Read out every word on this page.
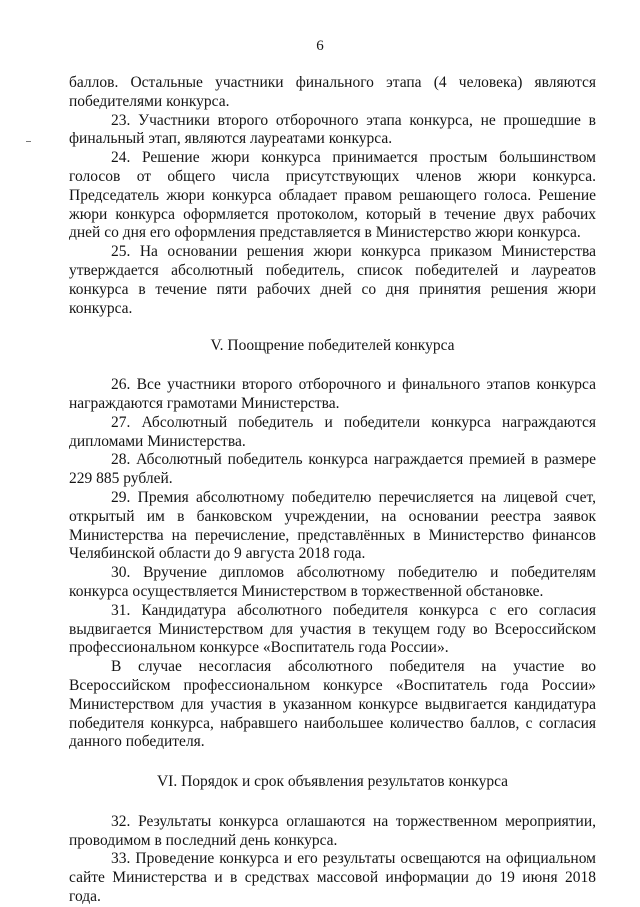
6

баллов. Остальные участники финального этапа (4 человека) являются победителями конкурса.

23. Участники второго отборочного этапа конкурса, не прошедшие в финальный этап, являются лауреатами конкурса.

24. Решение жюри конкурса принимается простым большинством голосов от общего числа присутствующих членов жюри конкурса. Председатель жюри конкурса обладает правом решающего голоса. Решение жюри конкурса оформляется протоколом, который в течение двух рабочих дней со дня его оформления представляется в Министерство жюри конкурса.

25. На основании решения жюри конкурса приказом Министерства утверждается абсолютный победитель, список победителей и лауреатов конкурса в течение пяти рабочих дней со дня принятия решения жюри конкурса.

V. Поощрение победителей конкурса

26. Все участники второго отборочного и финального этапов конкурса награждаются грамотами Министерства.

27. Абсолютный победитель и победители конкурса награждаются дипломами Министерства.

28. Абсолютный победитель конкурса награждается премией в размере 229 885 рублей.

29. Премия абсолютному победителю перечисляется на лицевой счет, открытый им в банковском учреждении, на основании реестра заявок Министерства на перечисление, представлённых в Министерство финансов Челябинской области до 9 августа 2018 года.

30. Вручение дипломов абсолютному победителю и победителям конкурса осуществляется Министерством в торжественной обстановке.

31. Кандидатура абсолютного победителя конкурса с его согласия выдвигается Министерством для участия в текущем году во Всероссийском профессиональном конкурсе «Воспитатель года России».

В случае несогласия абсолютного победителя на участие во Всероссийском профессиональном конкурсе «Воспитатель года России» Министерством для участия в указанном конкурсе выдвигается кандидатура победителя конкурса, набравшего наибольшее количество баллов, с согласия данного победителя.

VI. Порядок и срок объявления результатов конкурса

32. Результаты конкурса оглашаются на торжественном мероприятии, проводимом в последний день конкурса.

33. Проведение конкурса и его результаты освещаются на официальном сайте Министерства и в средствах массовой информации до 19 июня 2018 года.
